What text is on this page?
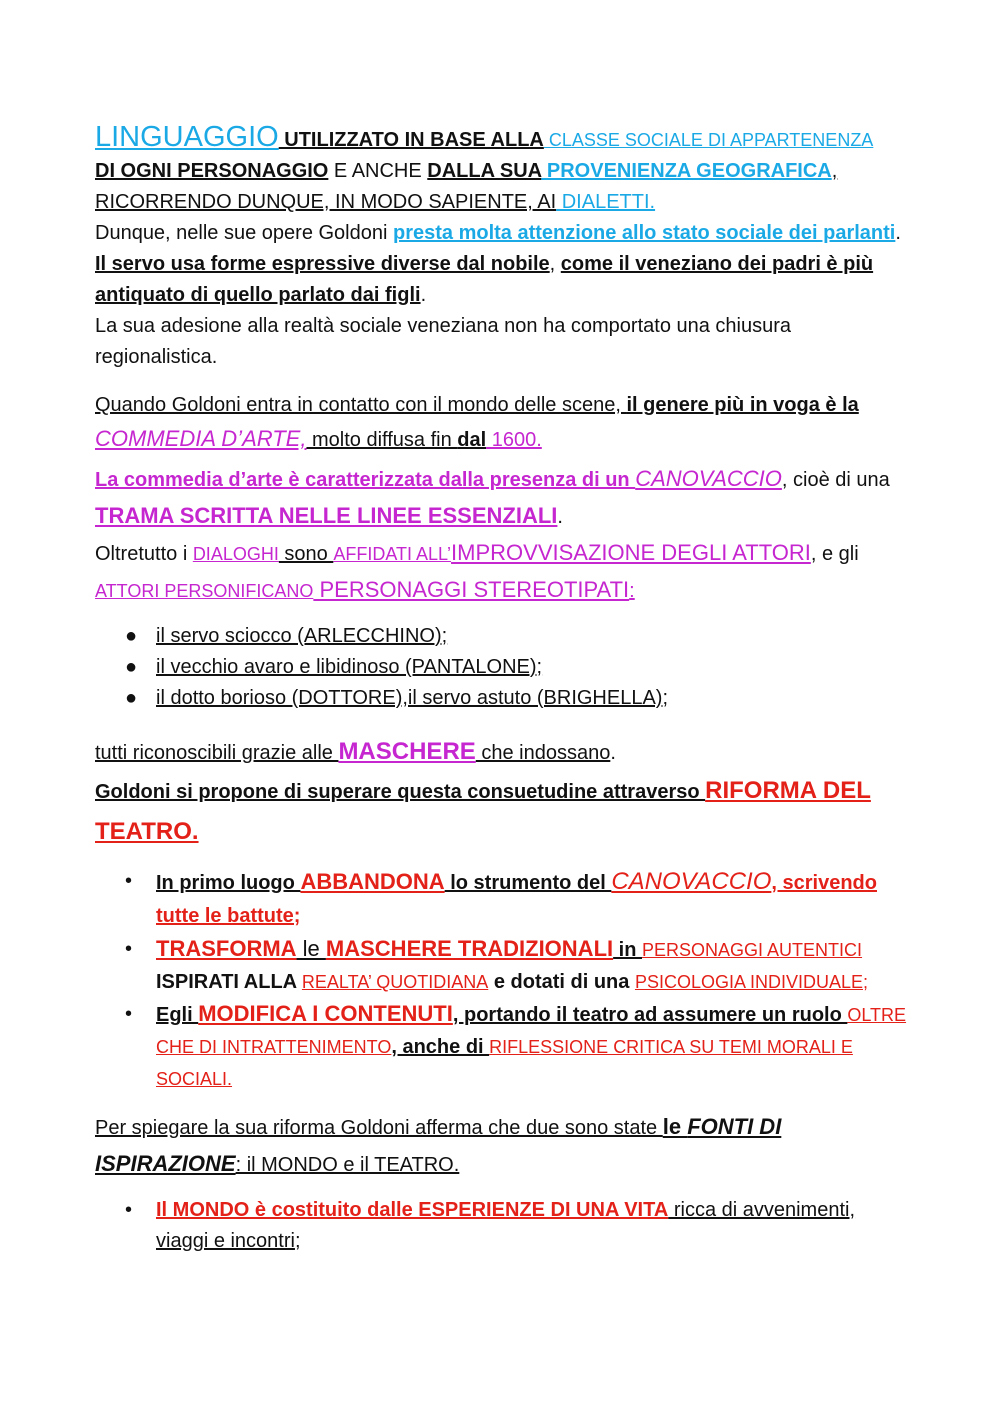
LINGUAGGIO UTILIZZATO IN BASE ALLA CLASSE SOCIALE DI APPARTENENZA
DI OGNI PERSONAGGIO E ANCHE DALLA SUA PROVENIENZA GEOGRAFICA,
RICORRENDO DUNQUE, IN MODO SAPIENTE, AI DIALETTI.

Dunque, nelle sue opere Goldoni presta molta attenzione allo stato sociale dei parlanti. Il servo usa forme espressive diverse dal nobile, come il veneziano dei padri è più antiquato di quello parlato dai figli.

La sua adesione alla realtà sociale veneziana non ha comportato una chiusura regionalistica.

Quando Goldoni entra in contatto con il mondo delle scene, il genere più in voga è la COMMEDIA D’ARTE, molto diffusa fin dal 1600.

La commedia d’arte è caratterizzata dalla presenza di un CANOVACCIO, cioè di una TRAMA SCRITTA NELLE LINEE ESSENZIALI.

Oltretutto i DIALOGHI sono AFFIDATI ALL’IMPROVVISAZIONE DEGLI ATTORI, e gli ATTORI PERSONIFICANO PERSONAGGI STEREOTIPATI:

● il servo sciocco (ARLECCHINO);
● il vecchio avaro e libidinoso (PANTALONE);
● il dotto borioso (DOTTORE),il servo astuto (BRIGHELLA);

tutti riconoscibili grazie alle MASCHERE che indossano.

Goldoni si propone di superare questa consuetudine attraverso RIFORMA DEL TEATRO.

• In primo luogo ABBANDONA lo strumento del CANOVACCIO, scrivendo tutte le battute;
• TRASFORMA le MASCHERE TRADIZIONALI in PERSONAGGI AUTENTICI ISPIRATI ALLA REALTA’ QUOTIDIANA e dotati di una PSICOLOGIA INDIVIDUALE;
• Egli MODIFICA I CONTENUTI, portando il teatro ad assumere un ruolo OLTRE CHE DI INTRATTENIMENTO, anche di RIFLESSIONE CRITICA SU TEMI MORALI E SOCIALI.

Per spiegare la sua riforma Goldoni afferma che due sono state le FONTI DI ISPIRAZIONE: il MONDO e il TEATRO.

• Il MONDO è costituito dalle ESPERIENZE DI UNA VITA ricca di avvenimenti, viaggi e incontri;
